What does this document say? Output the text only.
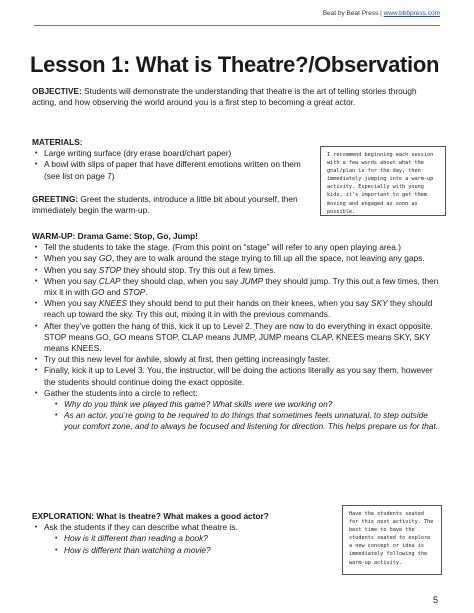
Beat by Beat Press | www.bbbpress.com
Lesson 1: What is Theatre?/Observation
OBJECTIVE: Students will demonstrate the understanding that theatre is the art of telling stories through acting, and how observing the world around you is a first step to becoming a great actor.
MATERIALS:
• Large writing surface (dry erase board/chart paper)
• A bowl with slips of paper that have different emotions written on them (see list on page 7)
GREETING: Greet the students, introduce a little bit about yourself, then immediately begin the warm-up.
I recommend beginning each session with a few words about what the goal/plan is for the day, then immediately jumping into a warm-up activity. Especially with young kids, it’s important to get them moving and engaged as soon as possible.
WARM-UP: Drama Game: Stop, Go, Jump!
• Tell the students to take the stage. (From this point on “stage” will refer to any open playing area.)
• When you say GO, they are to walk around the stage trying to fill up all the space, not leaving any gaps.
• When you say STOP they should stop. Try this out a few times.
• When you say CLAP they should clap, when you say JUMP they should jump. Try this out a few times, then mix it in with GO and STOP.
• When you say KNEES they should bend to put their hands on their knees, when you say SKY they should reach up toward the sky. Try this out, mixing it in with the previous commands.
• After they’ve gotten the hang of this, kick it up to Level 2. They are now to do everything in exact opposite. STOP means GO, GO means STOP, CLAP means JUMP, JUMP means CLAP, KNEES means SKY, SKY means KNEES.
• Try out this new level for awhile, slowly at first, then getting increasingly faster.
• Finally, kick it up to Level 3. You, the instructor, will be doing the actions literally as you say them, however the students should continue doing the exact opposite.
• Gather the students into a circle to reflect:
• Why do you think we played this game? What skills were we working on?
• As an actor, you’re going to be required to do things that sometimes feels unnatural, to step outside your comfort zone, and to always be focused and listening for direction. This helps prepare us for that.
EXPLORATION: What is theatre? What makes a good actor?
• Ask the students if they can describe what theatre is.
• How is it different than reading a book?
• How is different than watching a movie?
Have the students seated for this next activity. The best time to have the students seated to explore a new concept or idea is immediately following the warm-up activity.
5
